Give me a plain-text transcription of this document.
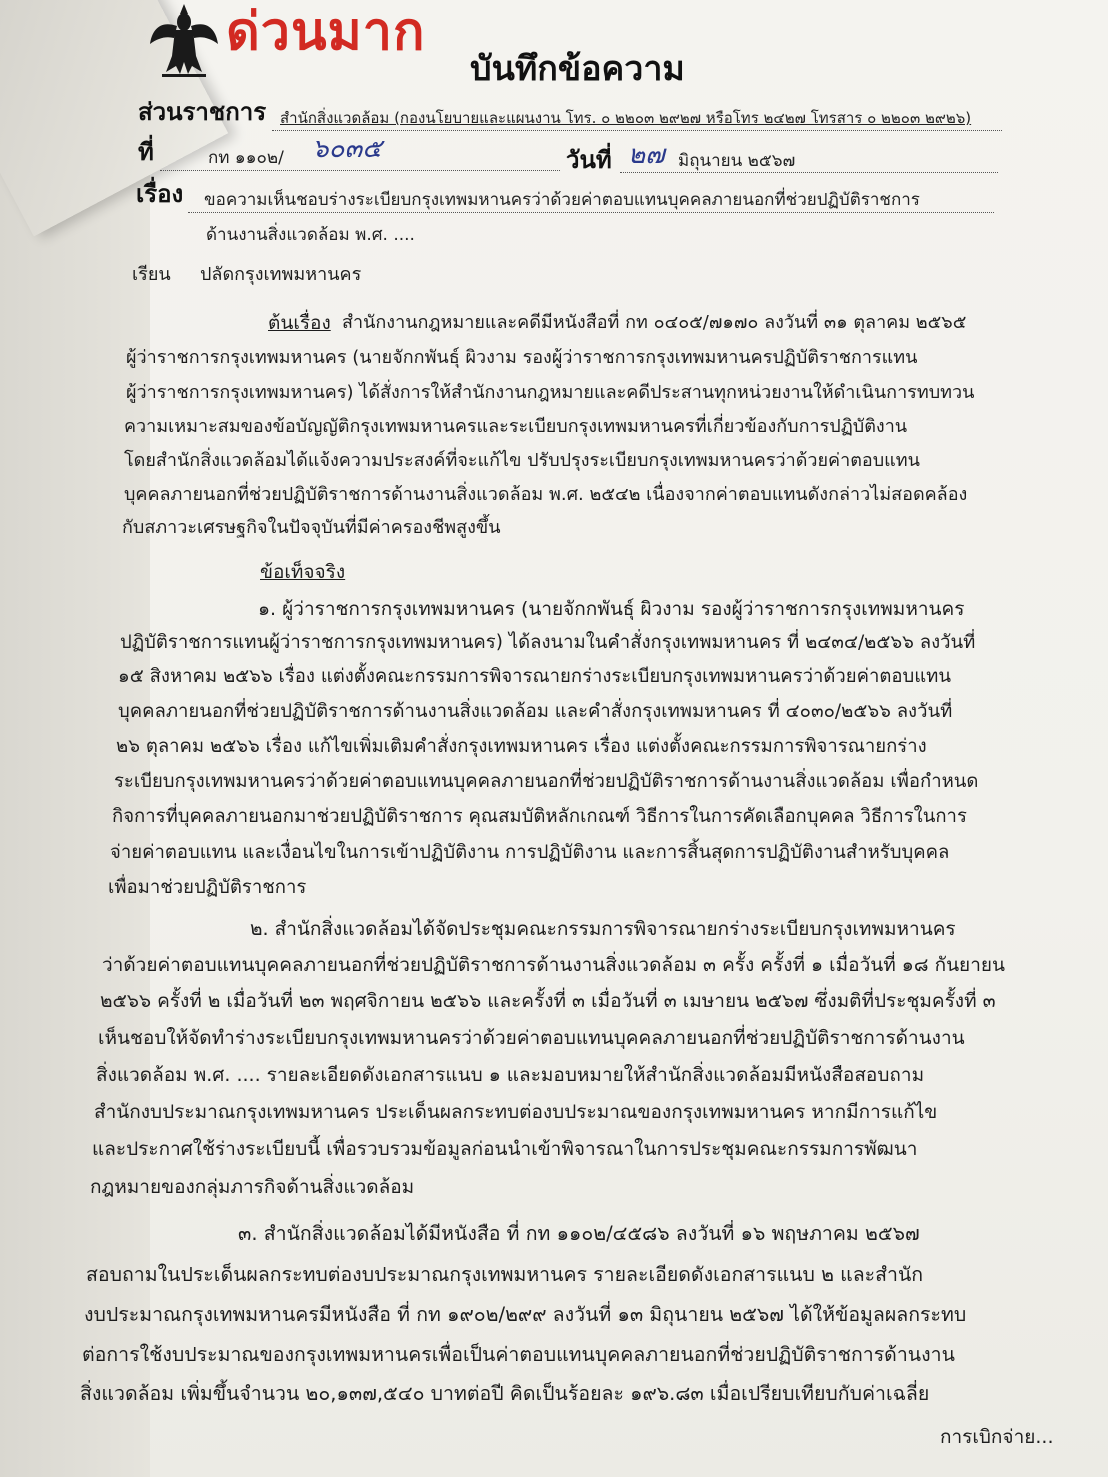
ด่วนมาก
บันทึกข้อความ
ส่วนราชการ สำนักสิ่งแวดล้อม (กองนโยบายและแผนงาน โทร. ๐ ๒๒๐๓ ๒๙๒๗ หรือโทร ๒๔๒๗ โทรสาร ๐ ๒๒๐๓ ๒๙๒๖)
ที่	กท ๑๑๐๒/ ๖๐๓๕	วันที่ ๒๗ มิถุนายน ๒๕๖๗
เรื่อง ขอความเห็นชอบร่างระเบียบกรุงเทพมหานครว่าด้วยค่าตอบแทนบุคคลภายนอกที่ช่วยปฏิบัติราชการ
ด้านงานสิ่งแวดล้อม พ.ศ. ....
เรียน ปลัดกรุงเทพมหานคร
ต้นเรื่อง สำนักงานกฎหมายและคดีมีหนังสือที่ กท ๐๔๐๕/๗๑๗๐ ลงวันที่ ๓๑ ตุลาคม ๒๕๖๕
ผู้ว่าราชการกรุงเทพมหานคร (นายจักกพันธุ์ ผิวงาม รองผู้ว่าราชการกรุงเทพมหานครปฏิบัติราชการแทน
ผู้ว่าราชการกรุงเทพมหานคร) ได้สั่งการให้สำนักงานกฎหมายและคดีประสานทุกหน่วยงานให้ดำเนินการทบทวน
ความเหมาะสมของข้อบัญญัติกรุงเทพมหานครและระเบียบกรุงเทพมหานครที่เกี่ยวข้องกับการปฏิบัติงาน
โดยสำนักสิ่งแวดล้อมได้แจ้งความประสงค์ที่จะแก้ไข ปรับปรุงระเบียบกรุงเทพมหานครว่าด้วยค่าตอบแทน
บุคคลภายนอกที่ช่วยปฏิบัติราชการด้านงานสิ่งแวดล้อม พ.ศ. ๒๕๔๒ เนื่องจากค่าตอบแทนดังกล่าวไม่สอดคล้อง
กับสภาวะเศรษฐกิจในปัจจุบันที่มีค่าครองชีพสูงขึ้น
ข้อเท็จจริง
๑. ผู้ว่าราชการกรุงเทพมหานคร (นายจักกพันธุ์ ผิวงาม รองผู้ว่าราชการกรุงเทพมหานคร
ปฏิบัติราชการแทนผู้ว่าราชการกรุงเทพมหานคร) ได้ลงนามในคำสั่งกรุงเทพมหานคร ที่ ๒๔๓๔/๒๕๖๖ ลงวันที่
๑๕ สิงหาคม ๒๕๖๖ เรื่อง แต่งตั้งคณะกรรมการพิจารณายกร่างระเบียบกรุงเทพมหานครว่าด้วยค่าตอบแทน
บุคคลภายนอกที่ช่วยปฏิบัติราชการด้านงานสิ่งแวดล้อม และคำสั่งกรุงเทพมหานคร ที่ ๔๐๓๐/๒๕๖๖ ลงวันที่
๒๖ ตุลาคม ๒๕๖๖ เรื่อง แก้ไขเพิ่มเติมคำสั่งกรุงเทพมหานคร เรื่อง แต่งตั้งคณะกรรมการพิจารณายกร่าง
ระเบียบกรุงเทพมหานครว่าด้วยค่าตอบแทนบุคคลภายนอกที่ช่วยปฏิบัติราชการด้านงานสิ่งแวดล้อม เพื่อกำหนด
กิจการที่บุคคลภายนอกมาช่วยปฏิบัติราชการ คุณสมบัติหลักเกณฑ์ วิธีการในการคัดเลือกบุคคล วิธีการในการ
จ่ายค่าตอบแทน และเงื่อนไขในการเข้าปฏิบัติงาน การปฏิบัติงาน และการสิ้นสุดการปฏิบัติงานสำหรับบุคคล
เพื่อมาช่วยปฏิบัติราชการ
๒. สำนักสิ่งแวดล้อมได้จัดประชุมคณะกรรมการพิจารณายกร่างระเบียบกรุงเทพมหานคร
ว่าด้วยค่าตอบแทนบุคคลภายนอกที่ช่วยปฏิบัติราชการด้านงานสิ่งแวดล้อม ๓ ครั้ง ครั้งที่ ๑ เมื่อวันที่ ๑๘ กันยายน
๒๕๖๖ ครั้งที่ ๒ เมื่อวันที่ ๒๓ พฤศจิกายน ๒๕๖๖ และครั้งที่ ๓ เมื่อวันที่ ๓ เมษายน ๒๕๖๗ ซึ่งมติที่ประชุมครั้งที่ ๓
เห็นชอบให้จัดทำร่างระเบียบกรุงเทพมหานครว่าด้วยค่าตอบแทนบุคคลภายนอกที่ช่วยปฏิบัติราชการด้านงาน
สิ่งแวดล้อม พ.ศ. .... รายละเอียดดังเอกสารแนบ ๑ และมอบหมายให้สำนักสิ่งแวดล้อมมีหนังสือสอบถาม
สำนักงบประมาณกรุงเทพมหานคร ประเด็นผลกระทบต่องบประมาณของกรุงเทพมหานคร หากมีการแก้ไข
และประกาศใช้ร่างระเบียบนี้ เพื่อรวบรวมข้อมูลก่อนนำเข้าพิจารณาในการประชุมคณะกรรมการพัฒนา
กฎหมายของกลุ่มภารกิจด้านสิ่งแวดล้อม
๓. สำนักสิ่งแวดล้อมได้มีหนังสือ ที่ กท ๑๑๐๒/๔๕๘๖ ลงวันที่ ๑๖ พฤษภาคม ๒๕๖๗
สอบถามในประเด็นผลกระทบต่องบประมาณกรุงเทพมหานคร รายละเอียดดังเอกสารแนบ ๒ และสำนัก
งบประมาณกรุงเทพมหานครมีหนังสือ ที่ กท ๑๙๐๒/๒๙๙ ลงวันที่ ๑๓ มิถุนายน ๒๕๖๗ ได้ให้ข้อมูลผลกระทบ
ต่อการใช้งบประมาณของกรุงเทพมหานครเพื่อเป็นค่าตอบแทนบุคคลภายนอกที่ช่วยปฏิบัติราชการด้านงาน
สิ่งแวดล้อม เพิ่มขึ้นจำนวน ๒๐,๑๓๗,๕๔๐ บาทต่อปี คิดเป็นร้อยละ ๑๙๖.๘๓ เมื่อเปรียบเทียบกับค่าเฉลี่ย
การเบิกจ่าย...
